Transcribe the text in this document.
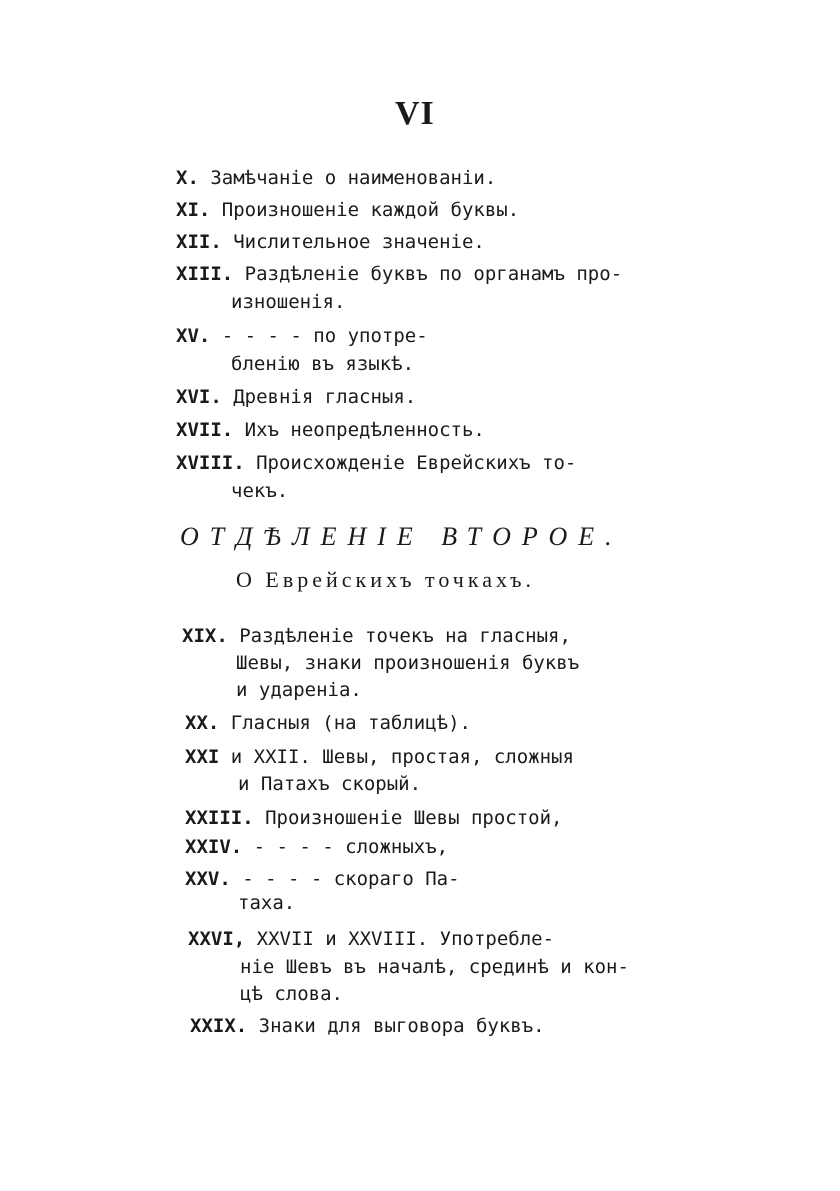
VI
X. Замѣчаніе о наименованіи.
XI. Произношеніе каждой буквы.
XII. Числительное значеніе.
XIII. Раздѣленіе буквъ по органамъ про-
изношенія.
XV. - - - - по употре-
бленію въ языкѣ.
XVI. Древнія гласныя.
XVII. Ихъ неопредѣленность.
XVIII. Происхожденіе Еврейскихъ то-
чекъ.
ОТДѢЛЕНІЕ ВТОРОЕ.
О Еврейскихъ точкахъ.
XIX. Раздѣленіе точекъ на гласныя,
Шевы, знаки произношенія буквъ
и удареніа.
XX. Гласныя (на таблицѣ).
XXI и XXII. Шевы, простая, сложныя
и Патахъ скорый.
XXIII. Произношеніе Шевы простой,
XXIV. - - - - сложныхъ,
XXV. - - - - скораго Па-
таха.
XXVI, XXVII и XXVIII. Употребле-
ніе Шевъ въ началѣ, срединѣ и кон-
цѣ слова.
XXIX. Знаки для выговора буквъ.
